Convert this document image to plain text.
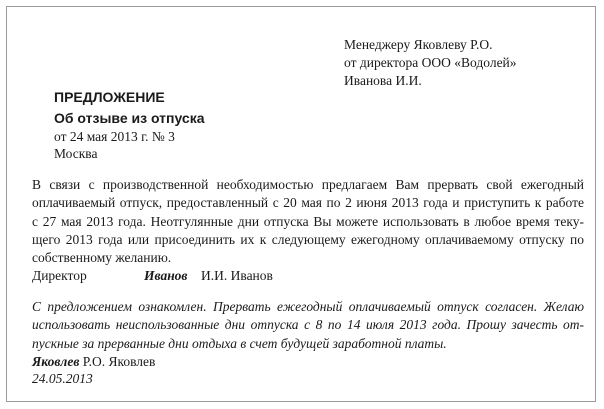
Менеджеру Яковлеву Р.О.
от директора ООО «Водолей»
Иванова И.И.
ПРЕДЛОЖЕНИЕ
Об отзыве из отпуска
от 24 мая 2013 г. № 3
Москва
В связи с производственной необходимостью предлагаем Вам прервать свой ежегодный
оплачиваемый отпуск, предоставленный с 20 мая по 2 июня 2013 года и приступить к работе
с 27 мая 2013 года. Неотгулянные дни отпуска Вы можете использовать в любое время теку-
щего 2013 года или присоединить их к следующему ежегодному оплачиваемому отпуску по
собственному желанию.
Директор	Иванов И.И. Иванов
С предложением ознакомлен. Прервать ежегодный оплачиваемый отпуск согласен. Желаю
использовать неиспользованные дни отпуска с 8 по 14 июля 2013 года. Прошу зачесть от-
пускные за прерванные дни отдыха в счет будущей заработной платы.
Яковлев Р.О. Яковлев
24.05.2013
